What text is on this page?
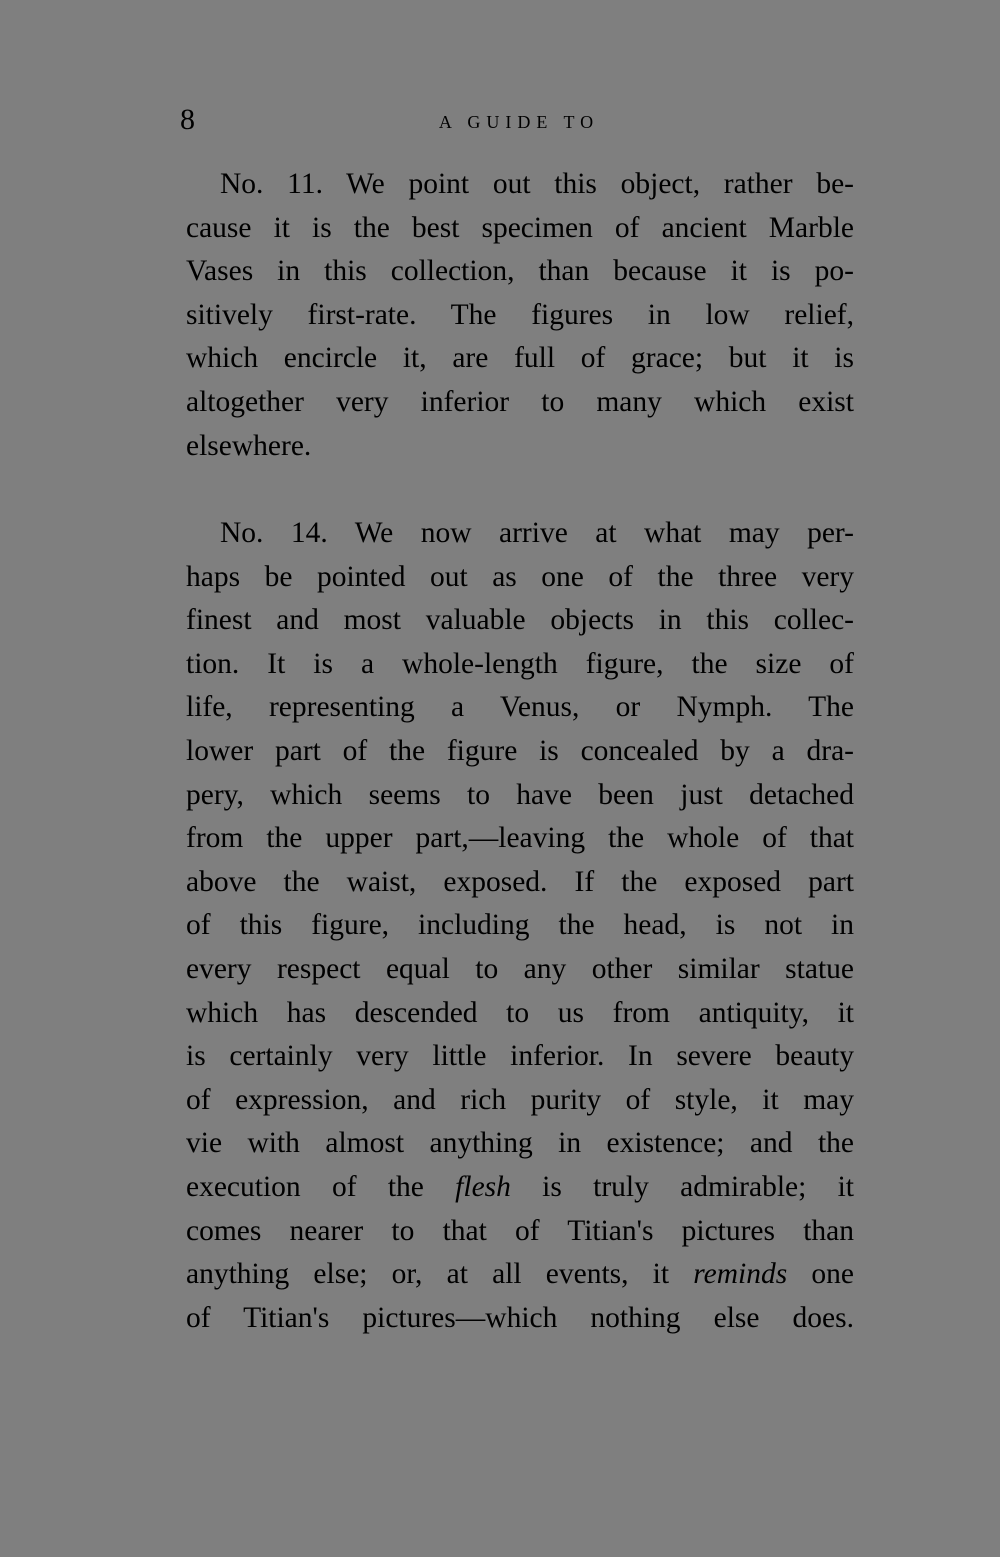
8	A GUIDE TO
No. 11. We point out this object, rather be-
cause it is the best specimen of ancient Marble
Vases in this collection, than because it is po-
sitively first-rate. The figures in low relief,
which encircle it, are full of grace; but it is
altogether very inferior to many which exist
elsewhere.
No. 14. We now arrive at what may per-
haps be pointed out as one of the three very
finest and most valuable objects in this collec-
tion. It is a whole-length figure, the size of
life, representing a Venus, or Nymph. The
lower part of the figure is concealed by a dra-
pery, which seems to have been just detached
from the upper part,—leaving the whole of that
above the waist, exposed. If the exposed part
of this figure, including the head, is not in
every respect equal to any other similar statue
which has descended to us from antiquity, it
is certainly very little inferior. In severe beauty
of expression, and rich purity of style, it may
vie with almost anything in existence; and the
execution of the flesh is truly admirable; it
comes nearer to that of Titian's pictures than
anything else; or, at all events, it reminds one
of Titian's pictures—which nothing else does.
